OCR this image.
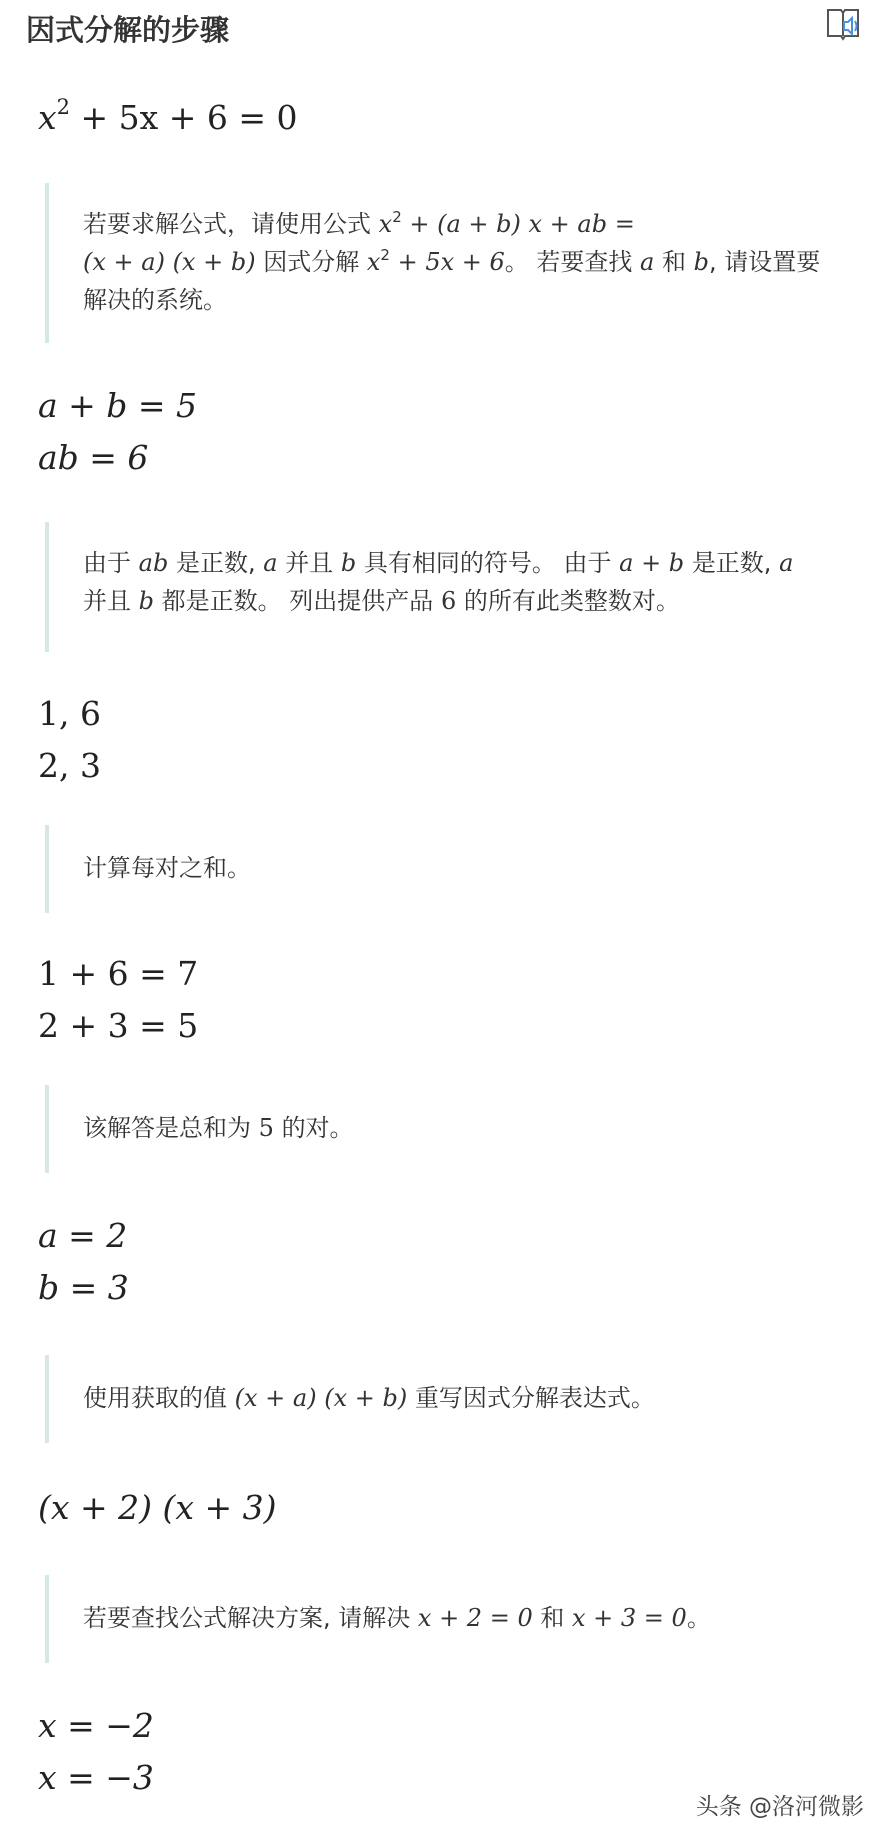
因式分解的步骤
$x^2 + 5x + 6 = 0$
若要求解公式，请使用公式 $x^2 + (a + b) x$ + ab =
(x + a) (x + b) 因式分解 $x^2 + 5x + 6$。 若要查找 a 和 b, 请设置要解决的系统。
a + b = 5
ab = 6
由于 ab 是正数, a 并且 b 具有相同的符号。 由于 a + b 是正数, a 并且 b 都是正数。 列出提供产品 6 的所有此类整数对。
1, 6
2, 3
计算每对之和。
1 + 6 = 7
2 + 3 = 5
该解答是总和为 5 的对。
a = 2
b = 3
使用获取的值 (x + a) (x + b) 重写因式分解表达式。
(x + 2) (x + 3)
若要查找公式解决方案, 请解决 x + 2 = 0 和 x + 3 = 0。
x = −2
x = −3
头条 @洛河微影
